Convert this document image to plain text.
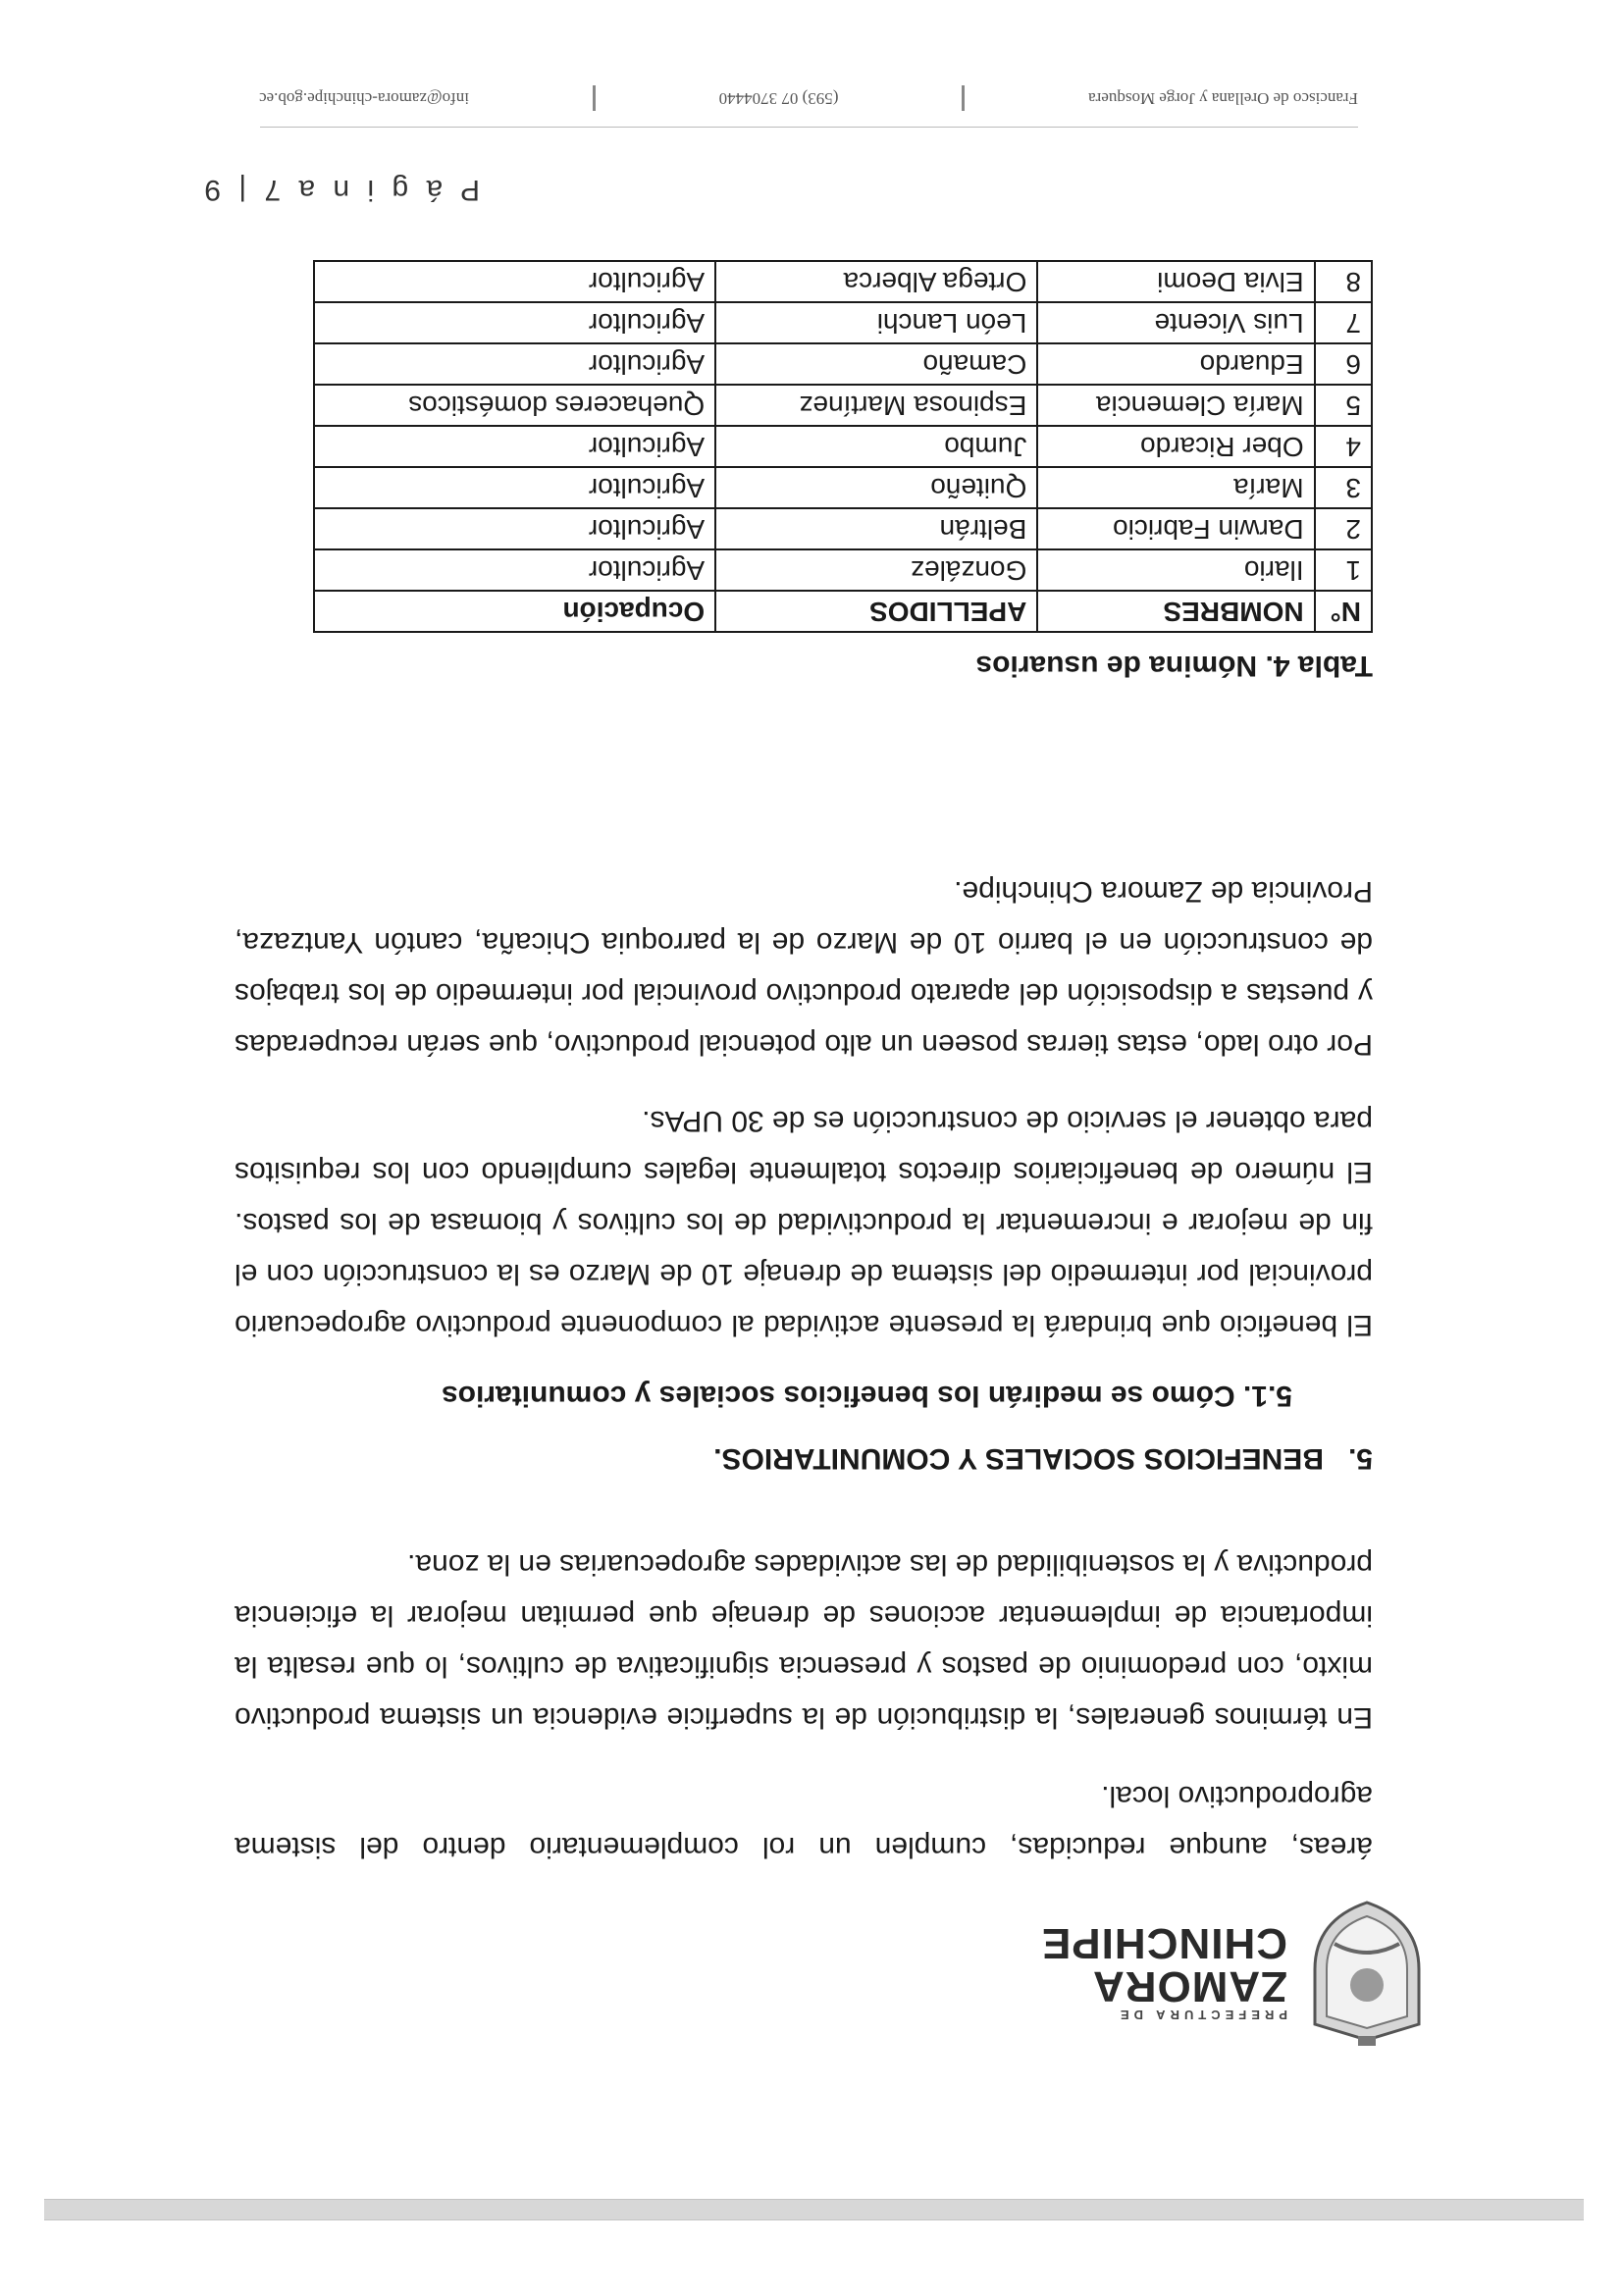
PREFECTURA DE
ZAMORA
CHINCHIPE

áreas, aunque reducidas, cumplen un rol complementario dentro del sistema agroproductivo local.

En términos generales, la distribución de la superficie evidencia un sistema productivo mixto, con predominio de pastos y presencia significativa de cultivos, lo que resalta la importancia de implementar acciones de drenaje que permitan mejorar la eficiencia productiva y la sostenibilidad de las actividades agropecuarias en la zona.

5.   BENEFICIOS SOCIALES Y COMUNITARIOS.
5.1. Cómo se medirán los beneficios sociales y comunitarios

El beneficio que brindará la presente actividad al componente productivo agropecuario provincial por intermedio del sistema de drenaje 10 de Marzo es la construcción con el fin de mejorar e incrementar la productividad de los cultivos y biomasa de los pastos. El número de beneficiarios directos totalmente legales cumpliendo con los requisitos para obtener el servicio de construcción es de 30 UPAs.

Por otro lado, estas tierras poseen un alto potencial productivo, que serán recuperadas y puestas a disposición del aparato productivo provincial por intermedio de los trabajos de construcción en el barrio 10 de Marzo de la parroquia Chicaña, cantón Yantzaza, Provincia de Zamora Chinchipe.

Tabla 4. Nómina de usuarios
N°	NOMBRES	APELLIDOS	Ocupación
1	Ilario	González	Agricultor
2	Darwin Fabricio	Beltrán	Agricultor
3	María	Quiteño	Agricultor
4	Ober Ricardo	Jumbo	Agricultor
5	María Clemencia	Espinosa Martínez	Quehaceres domésticos
6	Eduardo	Camaño	Agricultor
7	Luis Vicente	León Lanchi	Agricultor
8	Elvia Deomi	Ortega Alberca	Agricultor
P á g i n a 7 | 9
Francisco de Orellana y Jorge Mosquera
(593) 07 3704440
info@zamora-chinchipe.gob.ec
